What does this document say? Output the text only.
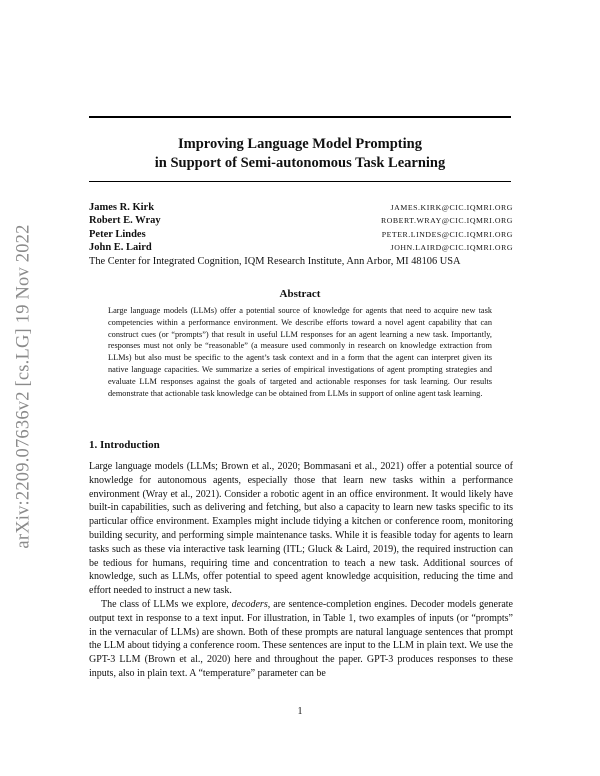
arXiv:2209.07636v2 [cs.LG] 19 Nov 2022
Improving Language Model Prompting
in Support of Semi-autonomous Task Learning
James R. Kirk	JAMES.KIRK@CIC.IQMRI.ORG
Robert E. Wray	ROBERT.WRAY@CIC.IQMRI.ORG
Peter Lindes	PETER.LINDES@CIC.IQMRI.ORG
John E. Laird	JOHN.LAIRD@CIC.IQMRI.ORG
The Center for Integrated Cognition, IQM Research Institute, Ann Arbor, MI 48106 USA
Abstract

Large language models (LLMs) offer a potential source of knowledge for agents that need to acquire new task competencies within a performance environment. We describe efforts toward a novel agent capability that can construct cues (or “prompts”) that result in useful LLM responses for an agent learning a new task. Importantly, responses must not only be “reasonable” (a measure used commonly in research on knowledge extraction from LLMs) but also must be specific to the agent’s task context and in a form that the agent can interpret given its native language capacities. We summarize a series of empirical investigations of agent prompting strategies and evaluate LLM responses against the goals of targeted and actionable responses for task learning. Our results demonstrate that actionable task knowledge can be obtained from LLMs in support of online agent task learning.

1. Introduction

Large language models (LLMs; Brown et al., 2020; Bommasani et al., 2021) offer a potential source of knowledge for autonomous agents, especially those that learn new tasks within a performance environment (Wray et al., 2021). Consider a robotic agent in an office environment. It would likely have built-in capabilities, such as delivering and fetching, but also a capacity to learn new tasks specific to its particular office environment. Examples might include tidying a kitchen or conference room, monitoring building security, and performing simple maintenance tasks. While it is feasible today for agents to learn tasks such as these via interactive task learning (ITL; Gluck & Laird, 2019), the required instruction can be tedious for humans, requiring time and concentration to teach a new task. Additional sources of knowledge, such as LLMs, offer potential to speed agent knowledge acquisition, reducing the time and effort needed to instruct a new task.

The class of LLMs we explore, decoders, are sentence-completion engines. Decoder models generate output text in response to a text input. For illustration, in Table 1, two examples of inputs (or “prompts” in the vernacular of LLMs) are shown. Both of these prompts are natural language sentences that prompt the LLM about tidying a conference room. These sentences are input to the LLM in plain text. We use the GPT-3 LLM (Brown et al., 2020) here and throughout the paper. GPT-3 produces responses to these inputs, also in plain text. A “temperature” parameter can be

1
